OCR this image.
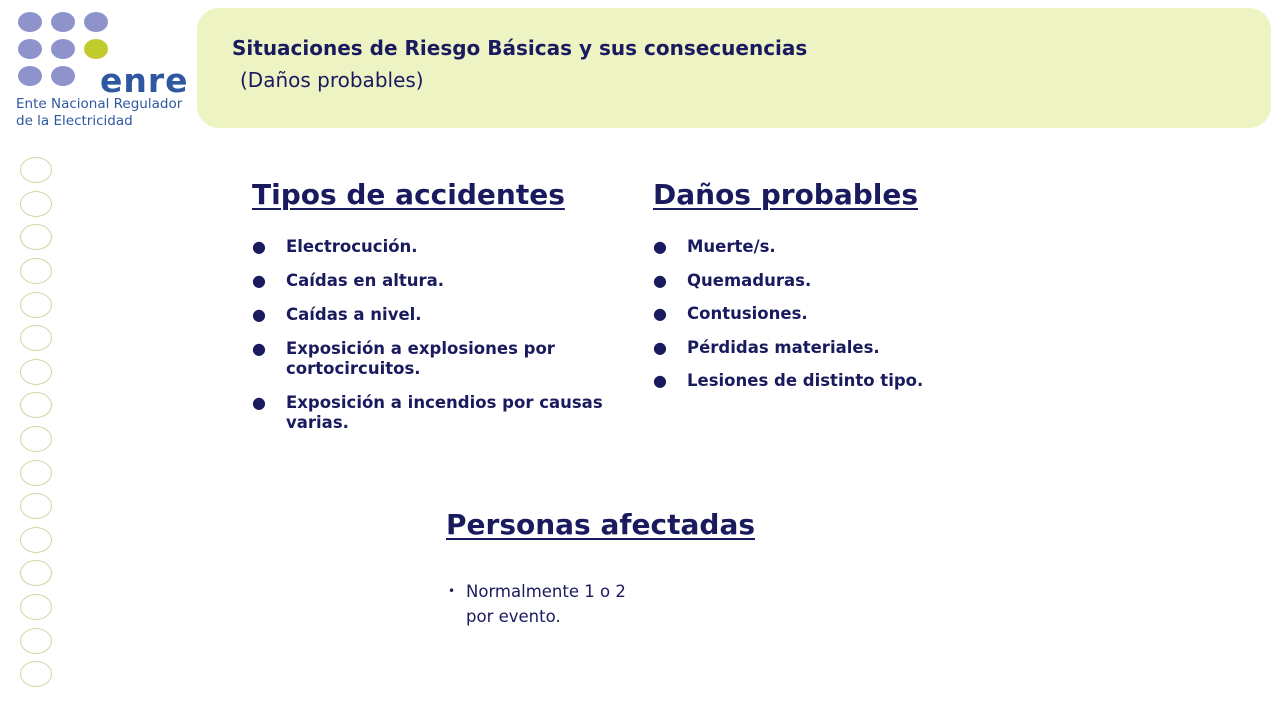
enre
Ente Nacional Regulador
de la Electricidad
Situaciones de Riesgo Básicas y sus consecuencias
(Daños probables)
Tipos de accidentes
● Electrocución.
● Caídas en altura.
● Caídas a nivel.
● Exposición a explosiones por cortocircuitos.
● Exposición a incendios por causas varias.
Daños probables
● Muerte/s.
● Quemaduras.
● Contusiones.
● Pérdidas materiales.
● Lesiones de distinto tipo.
Personas afectadas
• Normalmente 1 o 2
por evento.
